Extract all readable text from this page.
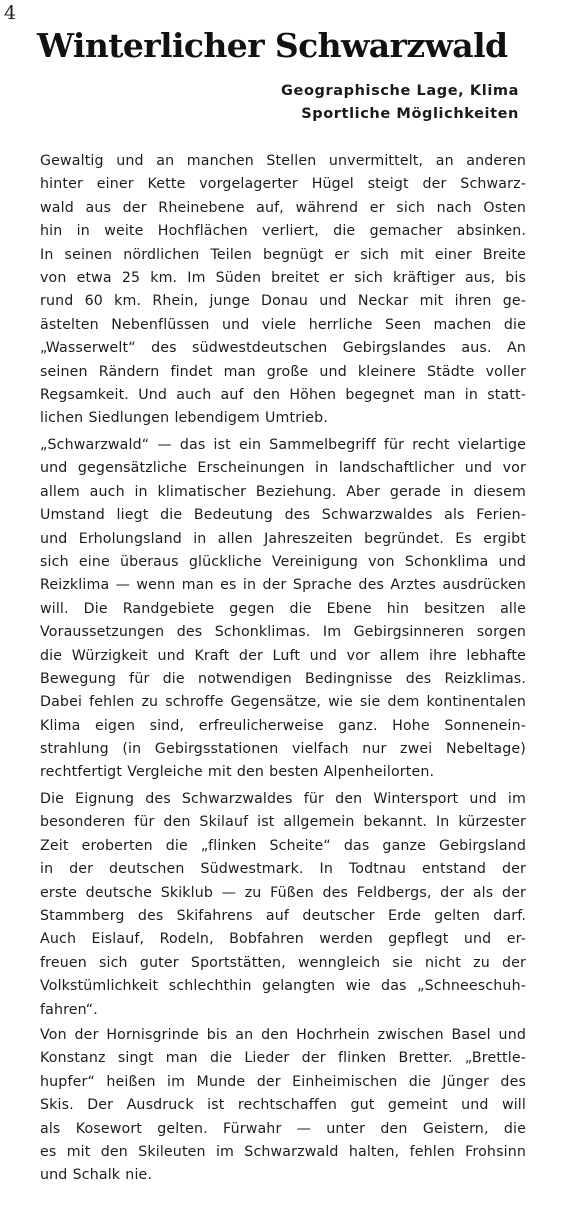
4
Winterlicher Schwarzwald
Geographische Lage, Klima
Sportliche Möglichkeiten
Gewaltig und an manchen Stellen unvermittelt, an anderen
hinter einer Kette vorgelagerter Hügel steigt der Schwarz-
wald aus der Rheinebene auf, während er sich nach Osten
hin in weite Hochflächen verliert, die gemacher absinken.
In seinen nördlichen Teilen begnügt er sich mit einer Breite
von etwa 25 km. Im Süden breitet er sich kräftiger aus, bis
rund 60 km. Rhein, junge Donau und Neckar mit ihren ge-
ästelten Nebenflüssen und viele herrliche Seen machen die
„Wasserwelt“ des südwestdeutschen Gebirgslandes aus. An
seinen Rändern findet man große und kleinere Städte voller
Regsamkeit. Und auch auf den Höhen begegnet man in statt-
lichen Siedlungen lebendigem Umtrieb.
„Schwarzwald“ — das ist ein Sammelbegriff für recht vielartige
und gegensätzliche Erscheinungen in landschaftlicher und vor
allem auch in klimatischer Beziehung. Aber gerade in diesem
Umstand liegt die Bedeutung des Schwarzwaldes als Ferien-
und Erholungsland in allen Jahreszeiten begründet. Es ergibt
sich eine überaus glückliche Vereinigung von Schonklima und
Reizklima — wenn man es in der Sprache des Arztes ausdrücken
will. Die Randgebiete gegen die Ebene hin besitzen alle
Voraussetzungen des Schonklimas. Im Gebirgsinneren sorgen
die Würzigkeit und Kraft der Luft und vor allem ihre lebhafte
Bewegung für die notwendigen Bedingnisse des Reizklimas.
Dabei fehlen zu schroffe Gegensätze, wie sie dem kontinentalen
Klima eigen sind, erfreulicherweise ganz. Hohe Sonnenein-
strahlung (in Gebirgsstationen vielfach nur zwei Nebeltage)
rechtfertigt Vergleiche mit den besten Alpenheilorten.
Die Eignung des Schwarzwaldes für den Wintersport und im
besonderen für den Skilauf ist allgemein bekannt. In kürzester
Zeit eroberten die „flinken Scheite“ das ganze Gebirgsland
in der deutschen Südwestmark. In Todtnau entstand der
erste deutsche Skiklub — zu Füßen des Feldbergs, der als der
Stammberg des Skifahrens auf deutscher Erde gelten darf.
Auch Eislauf, Rodeln, Bobfahren werden gepflegt und er-
freuen sich guter Sportstätten, wenngleich sie nicht zu der
Volkstümlichkeit schlechthin gelangten wie das „Schneeschuh-
fahren“.
Von der Hornisgrinde bis an den Hochrhein zwischen Basel und
Konstanz singt man die Lieder der flinken Bretter. „Brettle-
hupfer“ heißen im Munde der Einheimischen die Jünger des
Skis. Der Ausdruck ist rechtschaffen gut gemeint und will
als Kosewort gelten. Fürwahr — unter den Geistern, die
es mit den Skileuten im Schwarzwald halten, fehlen Frohsinn
und Schalk nie.
